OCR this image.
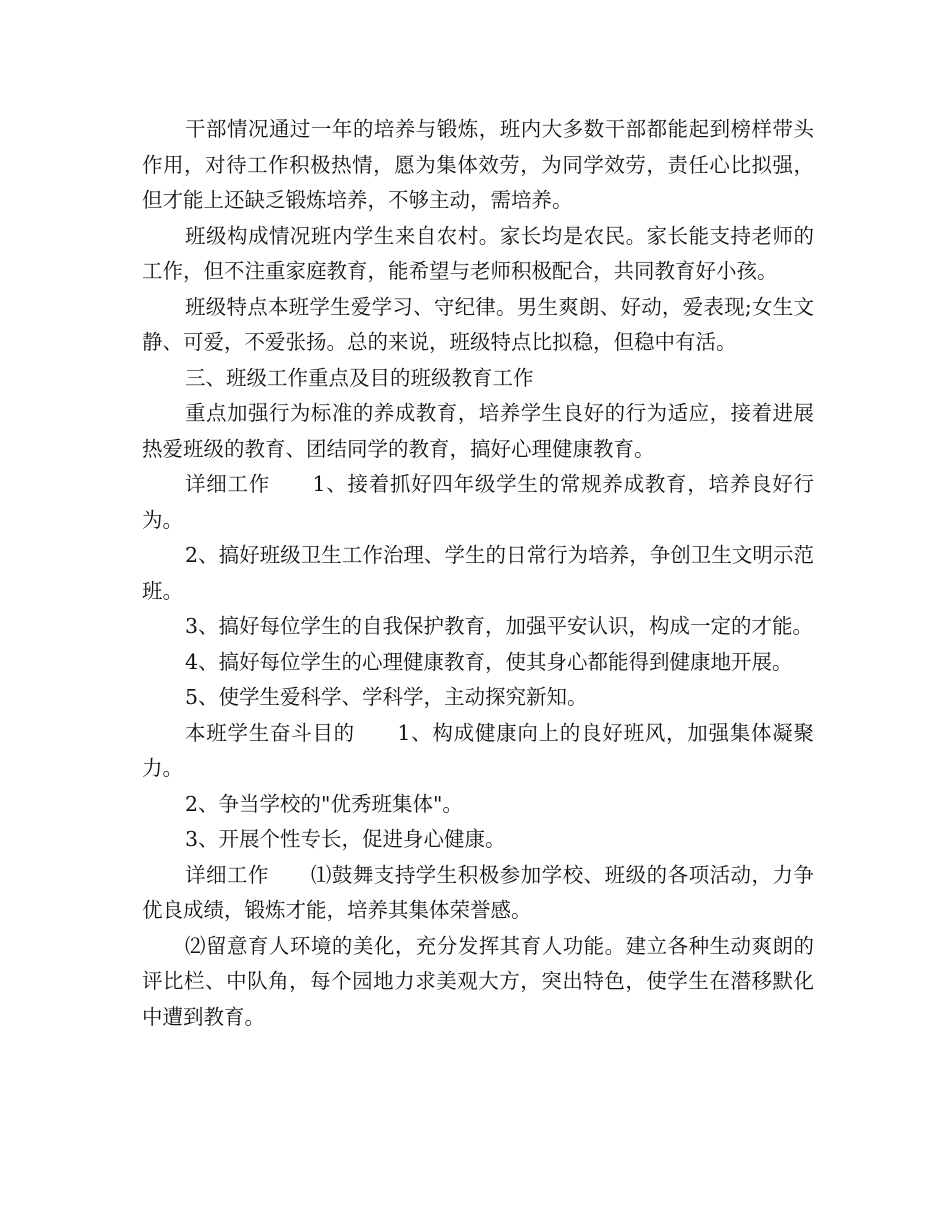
干部情况通过一年的培养与锻炼，班内大多数干部都能起到榜样带头作用，对待工作积极热情，愿为集体效劳，为同学效劳，责任心比拟强，但才能上还缺乏锻炼培养，不够主动，需培养。

班级构成情况班内学生来自农村。家长均是农民。家长能支持老师的工作，但不注重家庭教育，能希望与老师积极配合，共同教育好小孩。

班级特点本班学生爱学习、守纪律。男生爽朗、好动，爱表现;女生文静、可爱，不爱张扬。总的来说，班级特点比拟稳，但稳中有活。

三、班级工作重点及目的班级教育工作

重点加强行为标准的养成教育，培养学生良好的行为适应，接着进展热爱班级的教育、团结同学的教育，搞好心理健康教育。

详细工作　　1、接着抓好四年级学生的常规养成教育，培养良好行为。

2、搞好班级卫生工作治理、学生的日常行为培养，争创卫生文明示范班。

3、搞好每位学生的自我保护教育，加强平安认识，构成一定的才能。

4、搞好每位学生的心理健康教育，使其身心都能得到健康地开展。

5、使学生爱科学、学科学，主动探究新知。

本班学生奋斗目的　　1、构成健康向上的良好班风，加强集体凝聚力。

2、争当学校的"优秀班集体"。

3、开展个性专长，促进身心健康。

详细工作　　⑴鼓舞支持学生积极参加学校、班级的各项活动，力争优良成绩，锻炼才能，培养其集体荣誉感。

⑵留意育人环境的美化，充分发挥其育人功能。建立各种生动爽朗的评比栏、中队角，每个园地力求美观大方，突出特色，使学生在潜移默化中遭到教育。
